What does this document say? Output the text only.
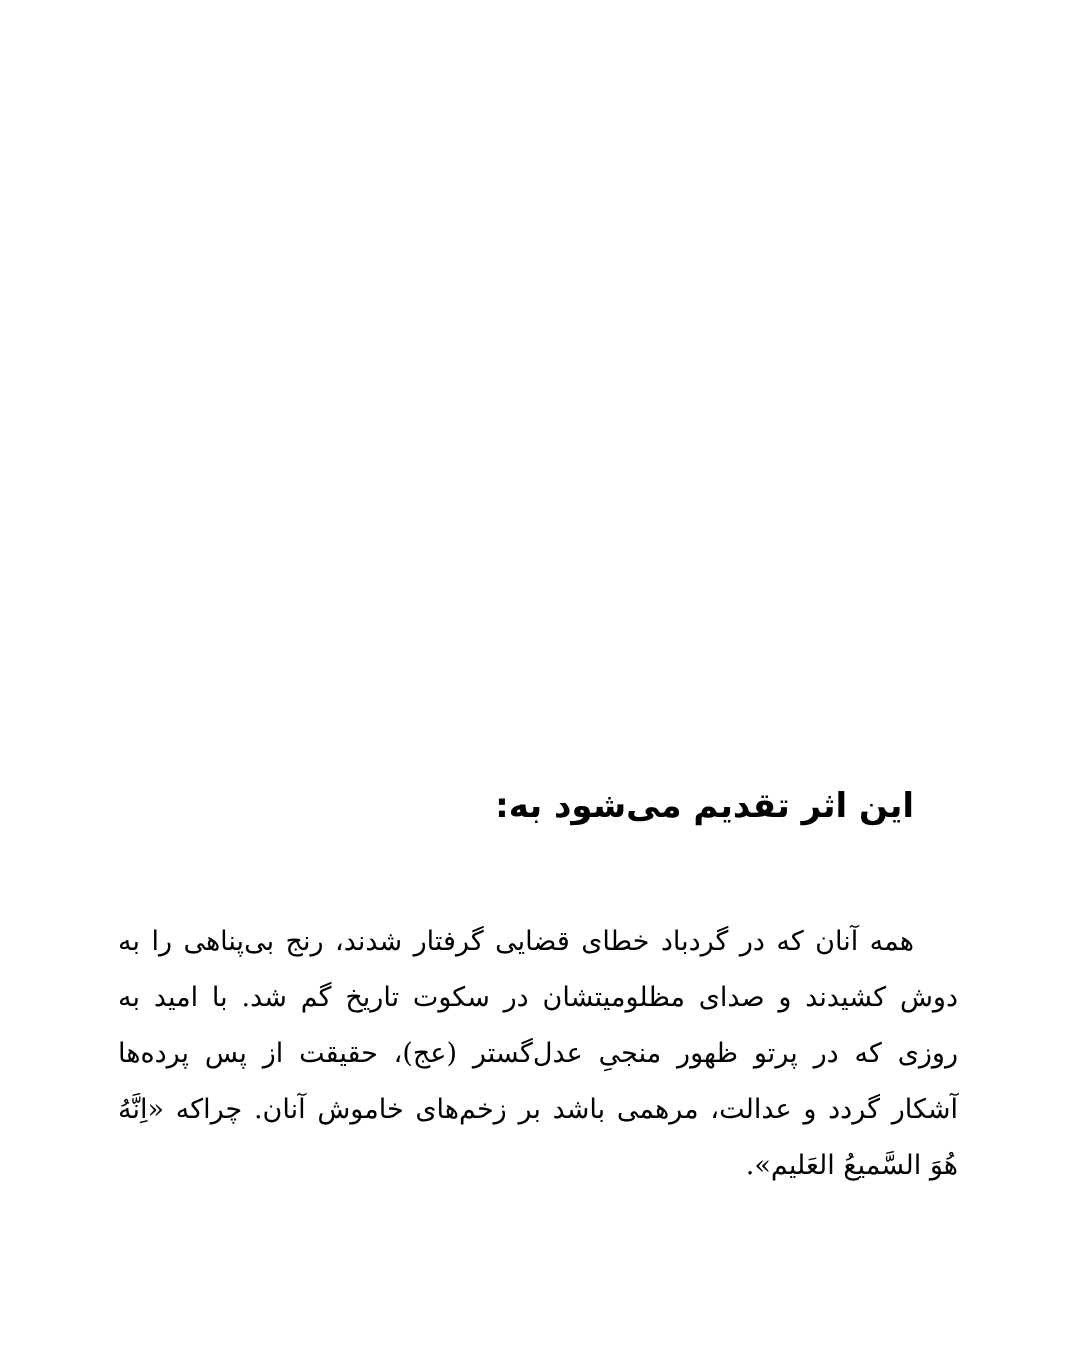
این اثر تقدیم می‌شود به:

همه آنان که در گردباد خطای قضایی گرفتار شدند، رنج بی‌پناهی را به
دوش کشیدند و صدای مظلومیتشان در سکوت تاریخ گم شد. با امید به
روزی که در پرتو ظهور منجیِ عدل‌گستر (عج)، حقیقت از پس پرده‌ها
آشکار گردد و عدالت، مرهمی باشد بر زخم‌های خاموش آنان. چراکه «اِنَّهُ
هُوَ السَّمیعُ العَلیم».
